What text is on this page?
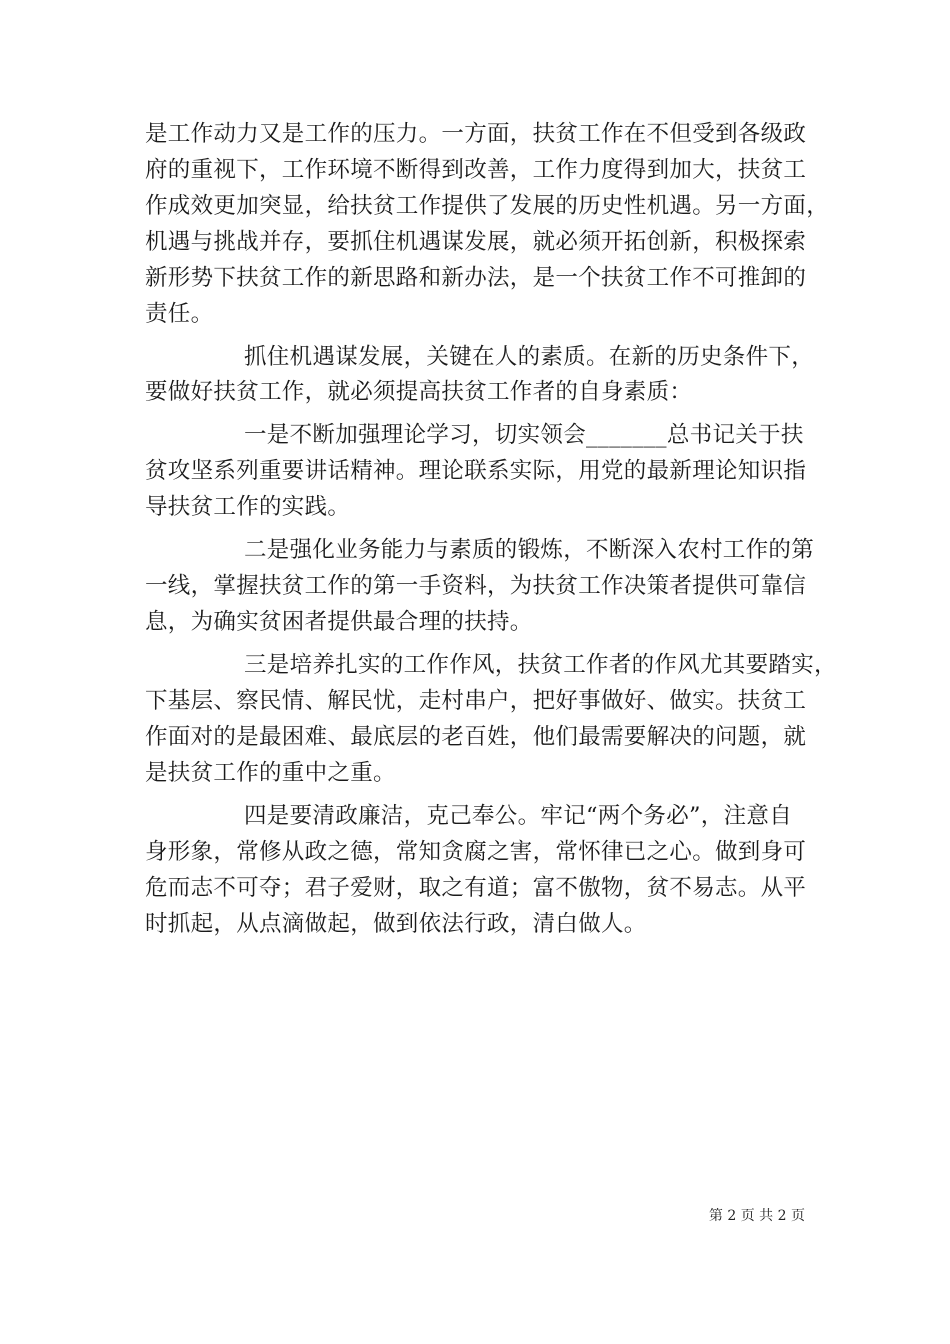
是工作动力又是工作的压力。一方面，扶贫工作在不但受到各级政
府的重视下，工作环境不断得到改善，工作力度得到加大，扶贫工
作成效更加突显，给扶贫工作提供了发展的历史性机遇。另一方面，
机遇与挑战并存，要抓住机遇谋发展，就必须开拓创新，积极探索
新形势下扶贫工作的新思路和新办法，是一个扶贫工作不可推卸的
责任。
抓住机遇谋发展，关键在人的素质。在新的历史条件下，
要做好扶贫工作，就必须提高扶贫工作者的自身素质：
一是不断加强理论学习，切实领会_______总书记关于扶
贫攻坚系列重要讲话精神。理论联系实际，用党的最新理论知识指
导扶贫工作的实践。
二是强化业务能力与素质的锻炼，不断深入农村工作的第
一线，掌握扶贫工作的第一手资料，为扶贫工作决策者提供可靠信
息，为确实贫困者提供最合理的扶持。
三是培养扎实的工作作风，扶贫工作者的作风尤其要踏实，
下基层、察民情、解民忧，走村串户，把好事做好、做实。扶贫工
作面对的是最困难、最底层的老百姓，他们最需要解决的问题，就
是扶贫工作的重中之重。
四是要清政廉洁，克己奉公。牢记“两个务必”，注意自
身形象，常修从政之德，常知贪腐之害，常怀律已之心。做到身可
危而志不可夺；君子爱财，取之有道；富不傲物，贫不易志。从平
时抓起，从点滴做起，做到依法行政，清白做人。
第 2 页 共 2 页
